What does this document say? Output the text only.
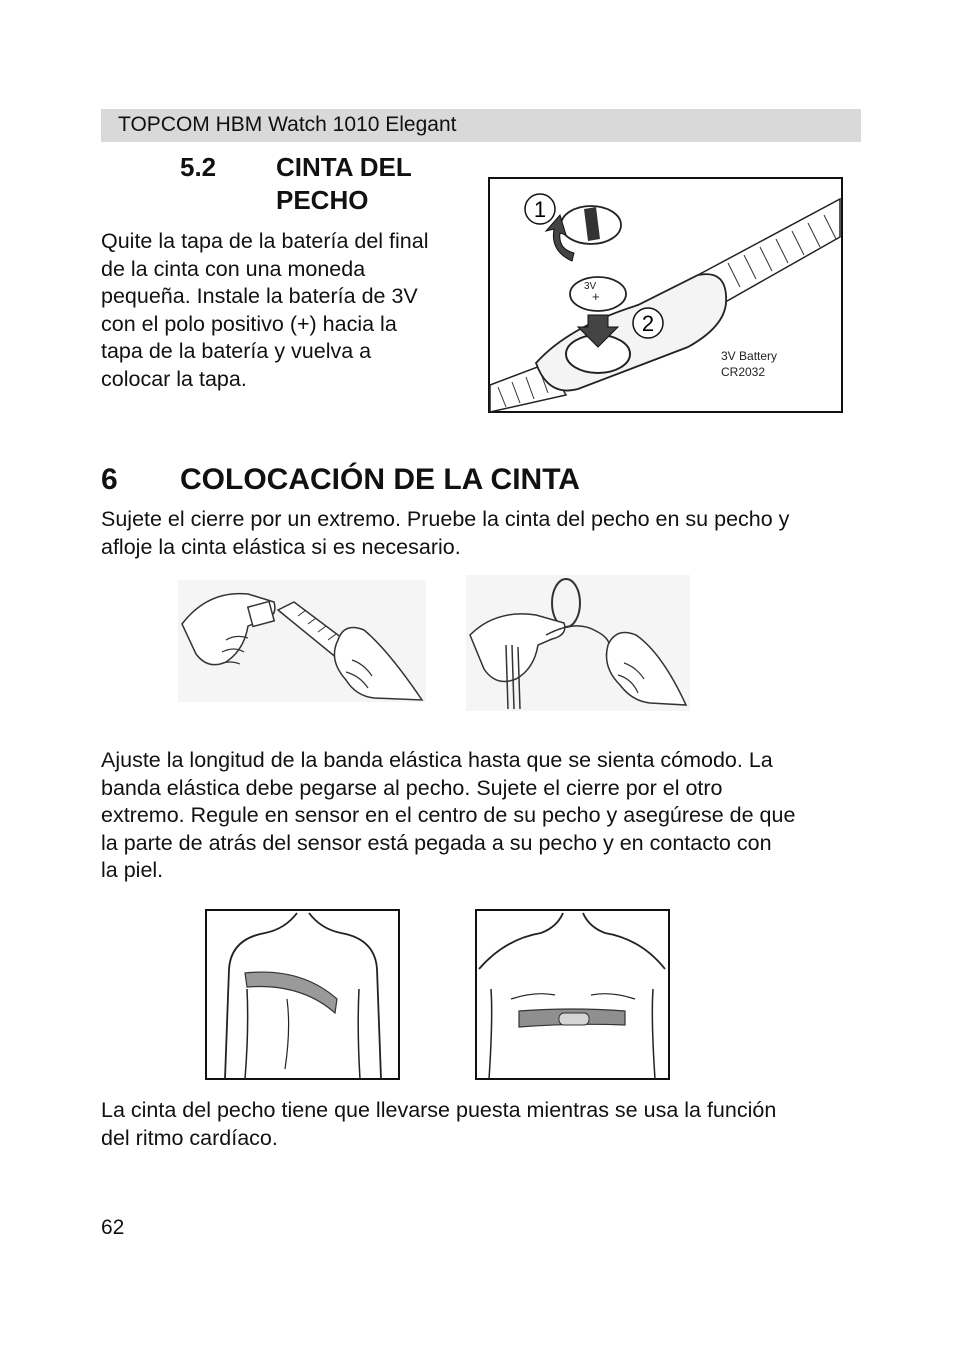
TOPCOM HBM Watch 1010 Elegant
5.2 CINTA DEL
PECHO
Quite la tapa de la batería del final
de la cinta con una moneda
pequeña. Instale la batería de 3V
con el polo positivo (+) hacia la
tapa de la batería y vuelva a
colocar la tapa.
3V
+
1
2
3V Battery
CR2032
6 COLOCACIÓN DE LA CINTA
Sujete el cierre por un extremo. Pruebe la cinta del pecho en su pecho y
afloje la cinta elástica si es necesario.
Ajuste la longitud de la banda elástica hasta que se sienta cómodo. La
banda elástica debe pegarse al pecho. Sujete el cierre por el otro
extremo. Regule en sensor en el centro de su pecho y asegúrese de que
la parte de atrás del sensor está pegada a su pecho y en contacto con
la piel.
La cinta del pecho tiene que llevarse puesta mientras se usa la función
del ritmo cardíaco.
62
